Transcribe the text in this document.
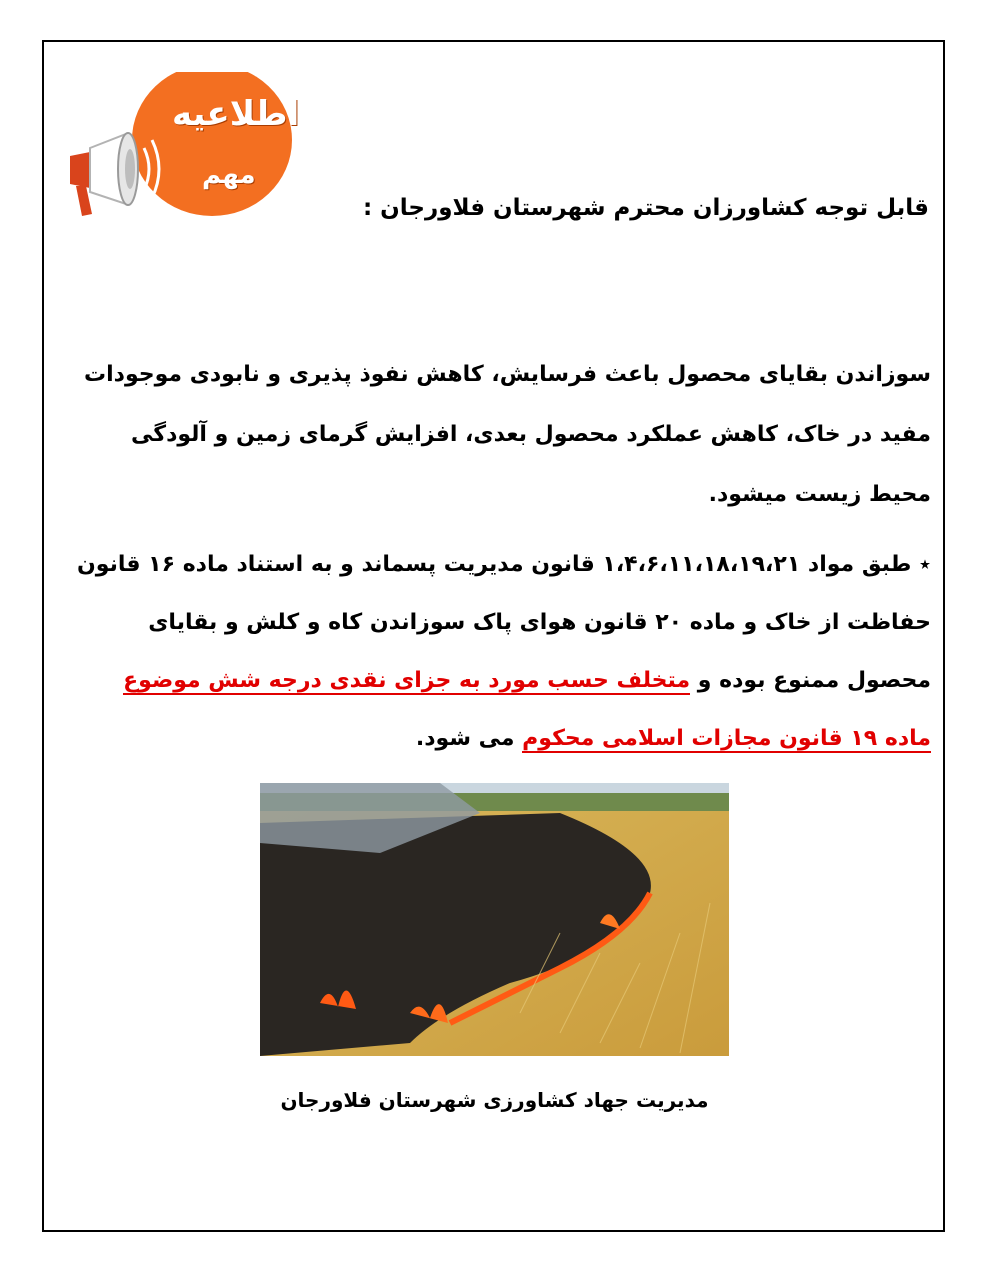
اطلاعیه
مهم
قابل توجه کشاورزان محترم شهرستان فلاورجان :
سوزاندن بقایای محصول باعث فرسایش، کاهش نفوذ پذیری و نابودی موجودات مفید در خاک، کاهش عملکرد محصول بعدی، افزایش گرمای زمین و آلودگی محیط زیست میشود.
٭ طبق مواد ۱،۴،۶،۱۱،۱۸،۱۹،۲۱ قانون مدیریت پسماند و به استناد ماده ۱۶ قانون حفاظت از خاک و ماده ۲۰ قانون هوای پاک سوزاندن کاه و کلش و بقایای محصول ممنوع بوده و متخلف حسب مورد به جزای نقدی درجه شش موضوع ماده ۱۹ قانون مجازات اسلامی محکوم می شود.
مدیریت جهاد کشاورزی شهرستان فلاورجان
